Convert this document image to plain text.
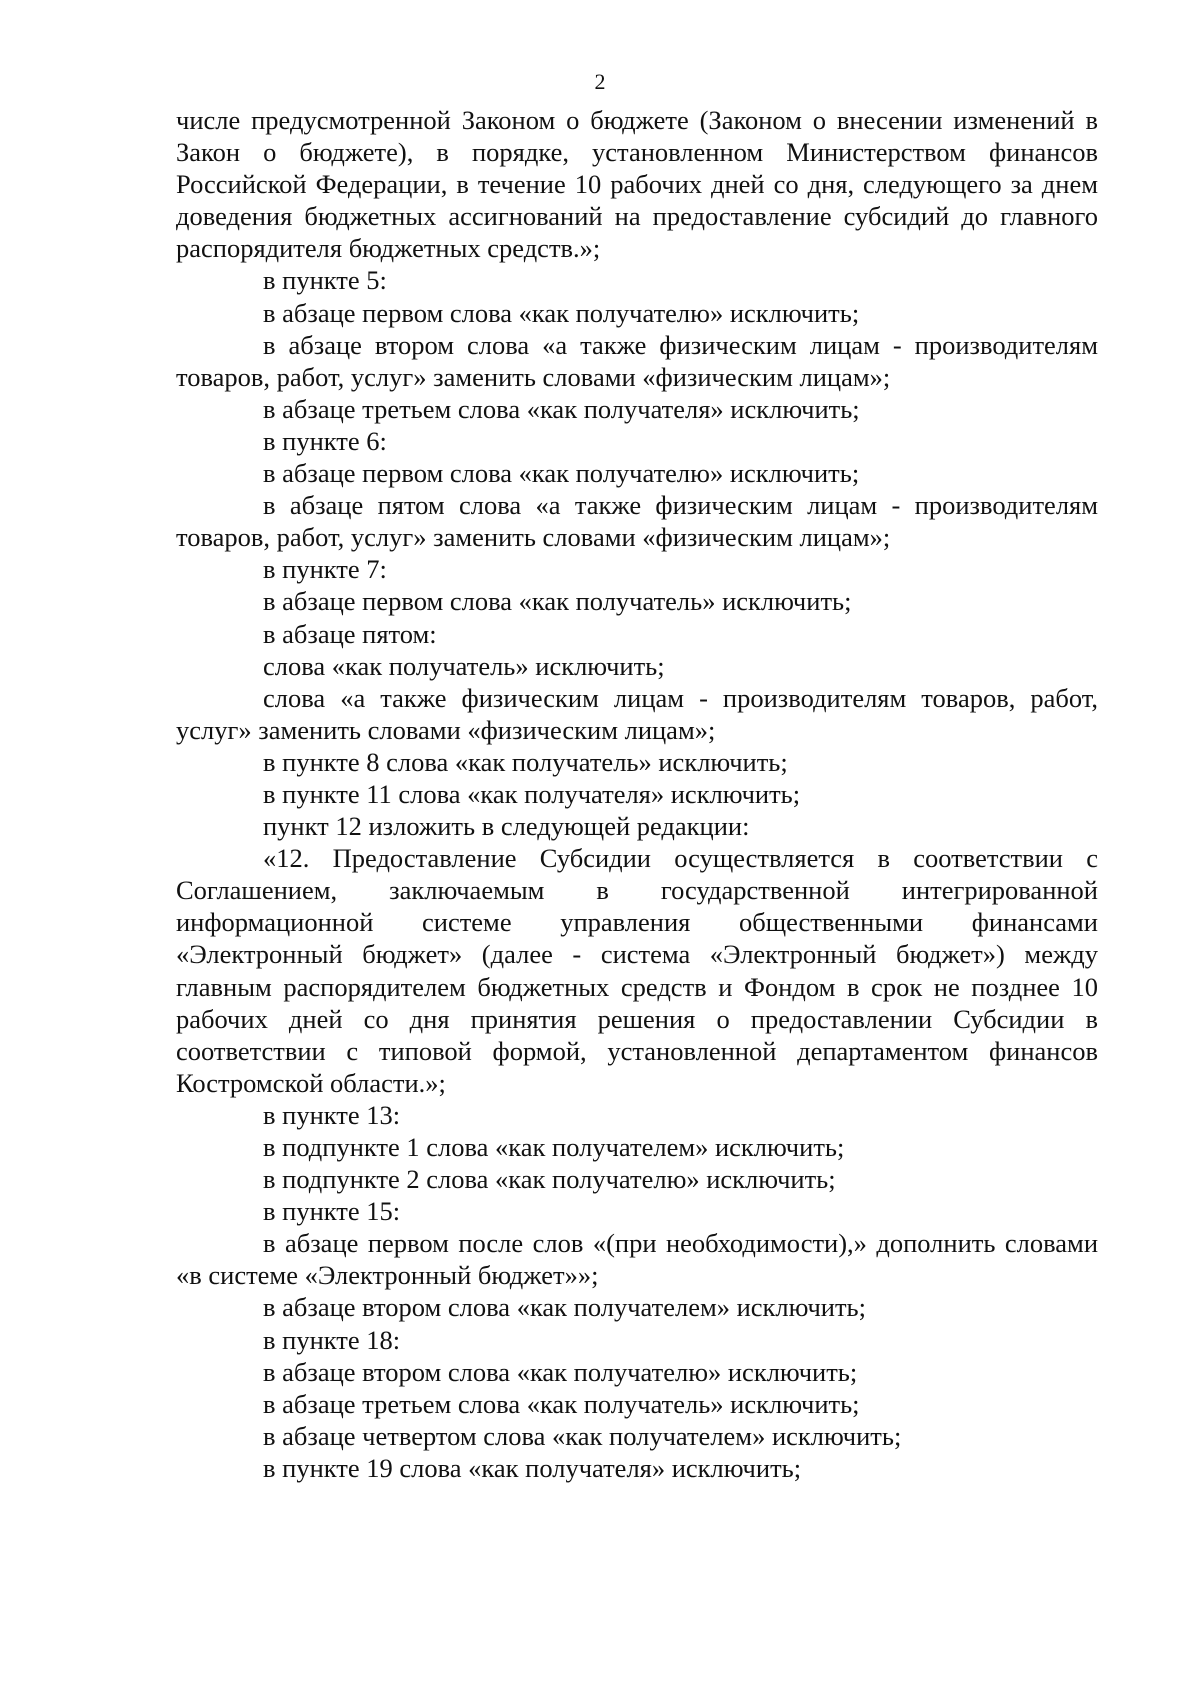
2

числе предусмотренной Законом о бюджете (Законом о внесении изменений в Закон о бюджете), в порядке, установленном Министерством финансов Российской Федерации, в течение 10 рабочих дней со дня, следующего за днем доведения бюджетных ассигнований на предоставление субсидий до главного распорядителя бюджетных средств.»;

в пункте 5:

в абзаце первом слова «как получателю» исключить;

в абзаце втором слова «а также физическим лицам - производителям товаров, работ, услуг» заменить словами «физическим лицам»;

в абзаце третьем слова «как получателя» исключить;

в пункте 6:

в абзаце первом слова «как получателю» исключить;

в абзаце пятом слова «а также физическим лицам - производителям товаров, работ, услуг» заменить словами «физическим лицам»;

в пункте 7:

в абзаце первом слова «как получатель» исключить;

в абзаце пятом:

слова «как получатель» исключить;

слова «а также физическим лицам - производителям товаров, работ, услуг» заменить словами «физическим лицам»;

в пункте 8 слова «как получатель» исключить;

в пункте 11 слова «как получателя» исключить;

пункт 12 изложить в следующей редакции:

«12. Предоставление Субсидии осуществляется в соответствии с Соглашением, заключаемым в государственной интегрированной информационной системе управления общественными финансами «Электронный бюджет» (далее - система «Электронный бюджет») между главным распорядителем бюджетных средств и Фондом в срок не позднее 10 рабочих дней со дня принятия решения о предоставлении Субсидии в соответствии с типовой формой, установленной департаментом финансов Костромской области.»;

в пункте 13:

в подпункте 1 слова «как получателем» исключить;

в подпункте 2 слова «как получателю» исключить;

в пункте 15:

в абзаце первом после слов «(при необходимости),» дополнить словами «в системе «Электронный бюджет»»;

в абзаце втором слова «как получателем» исключить;

в пункте 18:

в абзаце втором слова «как получателю» исключить;

в абзаце третьем слова «как получатель» исключить;

в абзаце четвертом слова «как получателем» исключить;

в пункте 19 слова «как получателя» исключить;
